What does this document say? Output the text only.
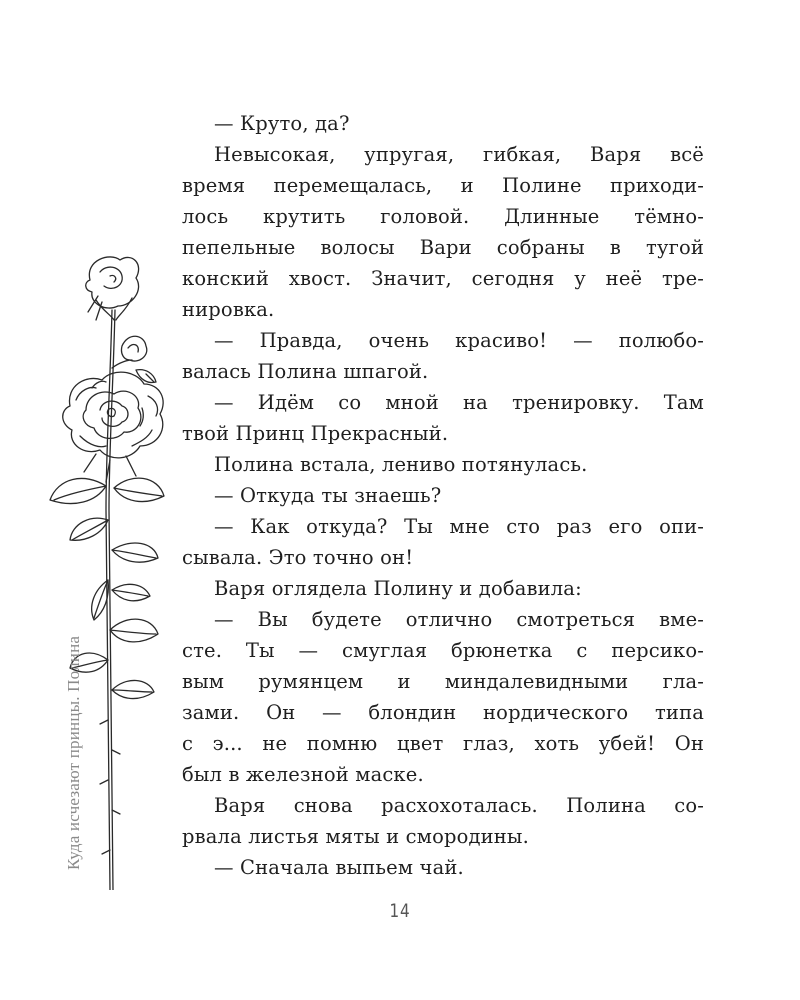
Куда исчезают принцы. Полина
— Круто, да?
Невысокая, упругая, гибкая, Варя всё
время перемещалась, и Полине приходи-
лось крутить головой. Длинные тёмно-
пепельные волосы Вари собраны в тугой
конский хвост. Значит, сегодня у неё тре-
нировка.
— Правда, очень красиво! — полюбо-
валась Полина шпагой.
— Идём со мной на тренировку. Там
твой Принц Прекрасный.
Полина встала, лениво потянулась.
— Откуда ты знаешь?
— Как откуда? Ты мне сто раз его опи-
сывала. Это точно он!
Варя оглядела Полину и добавила:
— Вы будете отлично смотреться вме-
сте. Ты — смуглая брюнетка с персико-
вым румянцем и миндалевидными гла-
зами. Он — блондин нордического типа
с э... не помню цвет глаз, хоть убей! Он
был в железной маске.
Варя снова расхохоталась. Полина со-
рвала листья мяты и смородины.
— Сначала выпьем чай.
14
